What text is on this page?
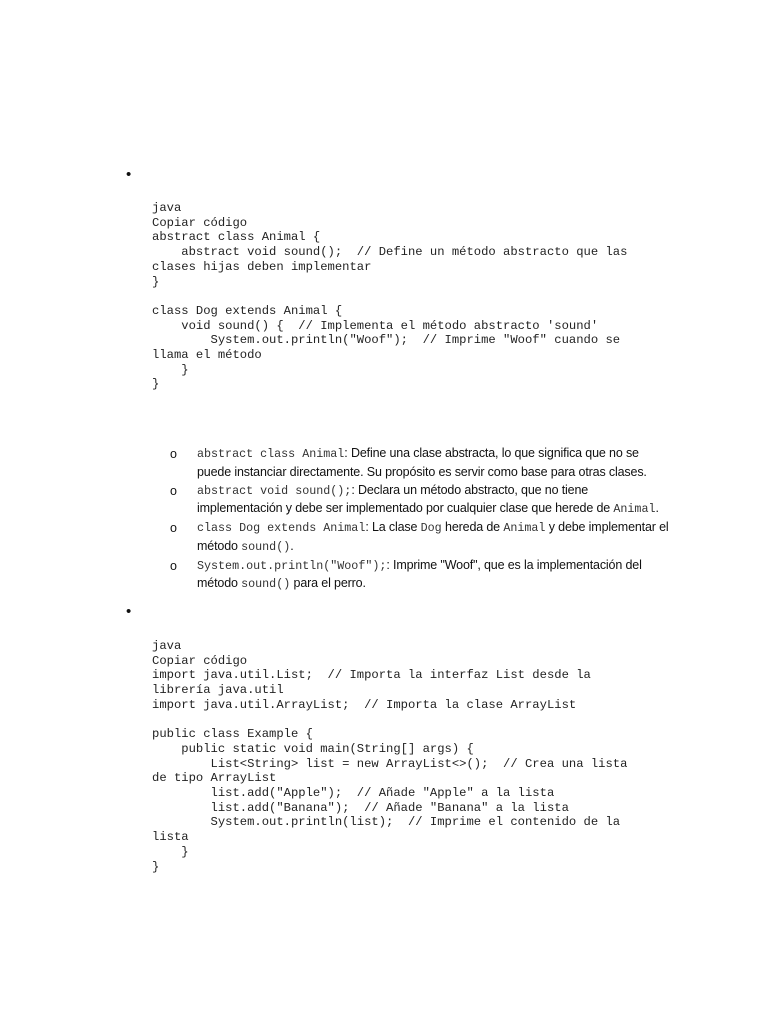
•
java
Copiar código
abstract class Animal {
abstract void sound();  // Define un método abstracto que las
clases hijas deben implementar
}

class Dog extends Animal {
void sound() {  // Implementa el método abstracto 'sound'
System.out.println("Woof");  // Imprime "Woof" cuando se
llama el método
}
}
o abstract class Animal: Define una clase abstracta, lo que significa que no se puede instanciar directamente. Su propósito es servir como base para otras clases.
o abstract void sound();: Declara un método abstracto, que no tiene implementación y debe ser implementado por cualquier clase que herede de Animal.
o class Dog extends Animal: La clase Dog hereda de Animal y debe implementar el método sound().
o System.out.println("Woof");: Imprime "Woof", que es la implementación del método sound() para el perro.
•
java
Copiar código
import java.util.List;  // Importa la interfaz List desde la
librería java.util
import java.util.ArrayList;  // Importa la clase ArrayList

public class Example {
public static void main(String[] args) {
List<String> list = new ArrayList<>();  // Crea una lista
de tipo ArrayList
list.add("Apple");  // Añade "Apple" a la lista
list.add("Banana");  // Añade "Banana" a la lista
System.out.println(list);  // Imprime el contenido de la
lista
}
}
